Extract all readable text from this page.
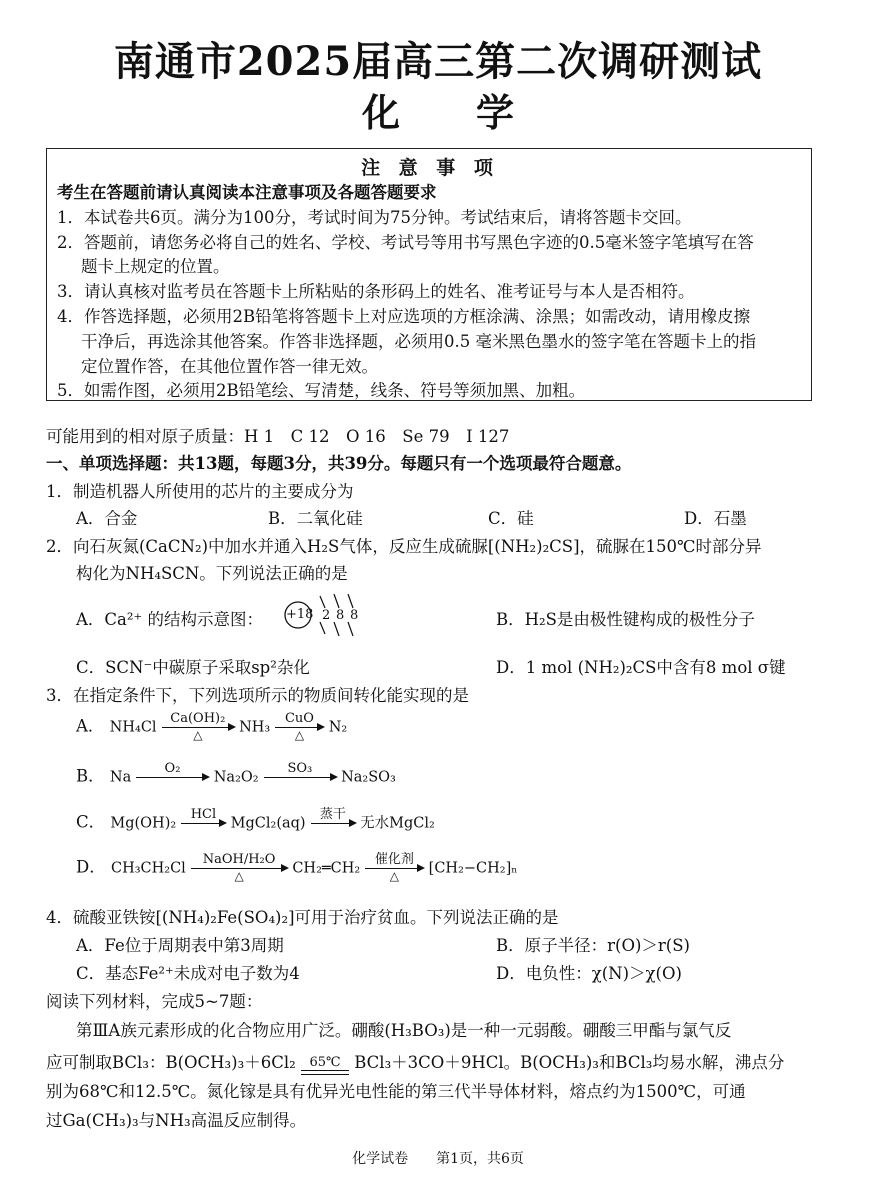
南通市2025届高三第二次调研测试
化 学
注 意 事 项
考生在答题前请认真阅读本注意事项及各题答题要求
1．本试卷共6页。满分为100分，考试时间为75分钟。考试结束后，请将答题卡交回。
2．答题前，请您务必将自己的姓名、学校、考试号等用书写黑色字迹的0.5毫米签字笔填写在答
题卡上规定的位置。
3．请认真核对监考员在答题卡上所粘贴的条形码上的姓名、准考证号与本人是否相符。
4．作答选择题，必须用2B铅笔将答题卡上对应选项的方框涂满、涂黑；如需改动，请用橡皮擦
干净后，再选涂其他答案。作答非选择题，必须用0.5 毫米黑色墨水的签字笔在答题卡上的指
定位置作答，在其他位置作答一律无效。
5．如需作图，必须用2B铅笔绘、写清楚，线条、符号等须加黑、加粗。
可能用到的相对原子质量：H 1　C 12　O 16　Se 79　I 127
一、单项选择题：共13题，每题3分，共39分。每题只有一个选项最符合题意。
1．制造机器人所使用的芯片的主要成分为
A．合金	B．二氧化硅	C．硅	D．石墨
2．向石灰氮(CaCN₂)中加水并通入H₂S气体，反应生成硫脲[(NH₂)₂CS]，硫脲在150℃时部分异
构化为NH₄SCN。下列说法正确的是
A．Ca²⁺ 的结构示意图： +18 2 8 8	B．H₂S是由极性键构成的极性分子
C．SCN⁻中碳原子采取sp²杂化	D．1 mol (NH₂)₂CS中含有8 mol σ键
3．在指定条件下，下列选项所示的物质间转化能实现的是
A． NH₄Cl
Ca(OH)₂
△	NH₃
CuO
△	N₂
B． Na
O₂

Na₂O₂
SO₃

Na₂SO₃
C． Mg(OH)₂
HCl

MgCl₂(aq)
蒸干

无水MgCl₂
D． CH₃CH₂Cl
NaOH/H₂O
△	CH₂═CH₂
催化剂
△	[CH₂−CH₂]ₙ
4．硫酸亚铁铵[(NH₄)₂Fe(SO₄)₂]可用于治疗贫血。下列说法正确的是
A．Fe位于周期表中第3周期	B．原子半径：r(O)＞r(S)
C．基态Fe²⁺未成对电子数为4	D．电负性：χ(N)＞χ(O)
阅读下列材料，完成5~7题：
第ⅢA族元素形成的化合物应用广泛。硼酸(H₃BO₃)是一种一元弱酸。硼酸三甲酯与氯气反
应可制取BCl₃：B(OCH₃)₃＋6Cl₂	65℃ BCl₃＋3CO＋9HCl。B(OCH₃)₃和BCl₃均易水解，沸点分
别为68℃和12.5℃。氮化镓是具有优异光电性能的第三代半导体材料，熔点约为1500℃，可通
过Ga(CH₃)₃与NH₃高温反应制得。
化学试卷　　第1页，共6页
